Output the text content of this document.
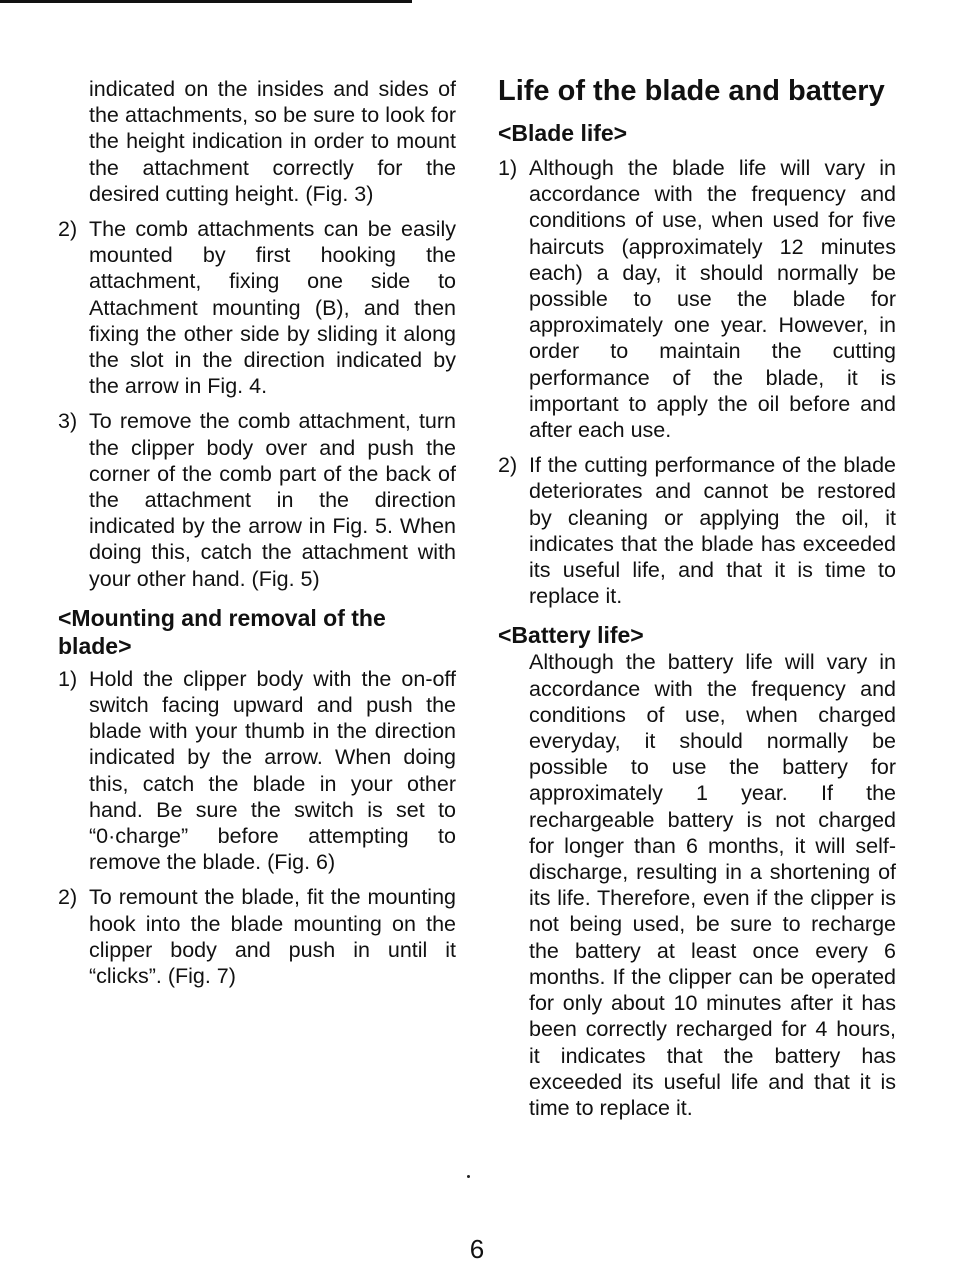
indicated on the insides and sides of the attachments, so be sure to look for the height indication in order to mount the attachment correctly for the desired cutting height. (Fig. 3)

2) The comb attachments can be easily mounted by first hooking the attachment, fixing one side to Attachment mounting (B), and then fixing the other side by sliding it along the slot in the direction indicated by the arrow in Fig. 4.

3) To remove the comb attachment, turn the clipper body over and push the corner of the comb part of the back of the attachment in the direction indicated by the arrow in Fig. 5. When doing this, catch the attachment with your other hand. (Fig. 5)

<Mounting and removal of the blade>

1) Hold the clipper body with the on-off switch facing upward and push the blade with your thumb in the direction indicated by the arrow. When doing this, catch the blade in your other hand. Be sure the switch is set to “0·charge” before attempting to remove the blade. (Fig. 6)

2) To remount the blade, fit the mounting hook into the blade mounting on the clipper body and push in until it “clicks”. (Fig. 7)

Life of the blade and battery

<Blade life>

1) Although the blade life will vary in accordance with the frequency and conditions of use, when used for five haircuts (approximately 12 minutes each) a day, it should normally be possible to use the blade for approximately one year. However, in order to maintain the cutting performance of the blade, it is important to apply the oil before and after each use.

2) If the cutting performance of the blade deteriorates and cannot be restored by cleaning or applying the oil, it indicates that the blade has exceeded its useful life, and that it is time to replace it.

<Battery life>

Although the battery life will vary in accordance with the frequency and conditions of use, when charged everyday, it should normally be possible to use the battery for approximately 1 year. If the rechargeable battery is not charged for longer than 6 months, it will self-discharge, resulting in a shortening of its life. Therefore, even if the clipper is not being used, be sure to recharge the battery at least once every 6 months. If the clipper can be operated for only about 10 minutes after it has been correctly recharged for 4 hours, it indicates that the battery has exceeded its useful life and that it is time to replace it.

6
